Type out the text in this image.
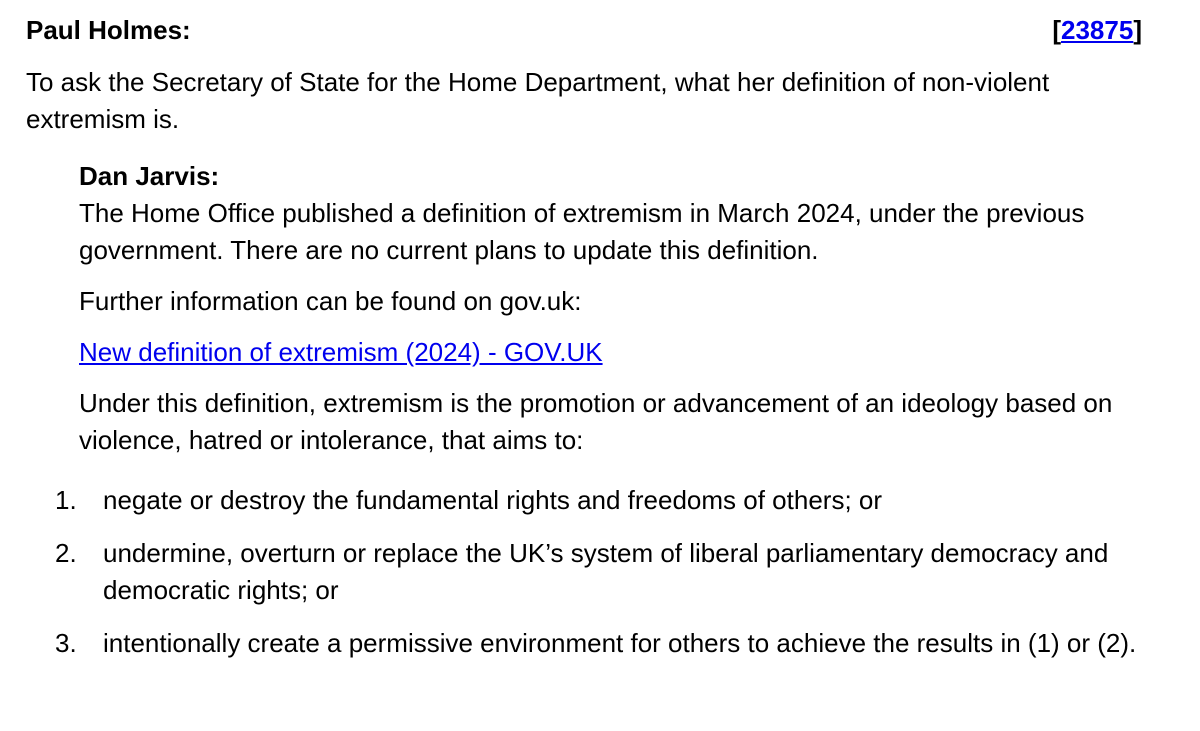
Paul Holmes:	[23875]
To ask the Secretary of State for the Home Department, what her definition of non-violent extremism is.

Dan Jarvis:

The Home Office published a definition of extremism in March 2024, under the previous government. There are no current plans to update this definition.

Further information can be found on gov.uk:

New definition of extremism (2024) - GOV.UK

Under this definition, extremism is the promotion or advancement of an ideology based on violence, hatred or intolerance, that aims to:

1. negate or destroy the fundamental rights and freedoms of others; or
2. undermine, overturn or replace the UK’s system of liberal parliamentary democracy and democratic rights; or
3. intentionally create a permissive environment for others to achieve the results in (1) or (2).
